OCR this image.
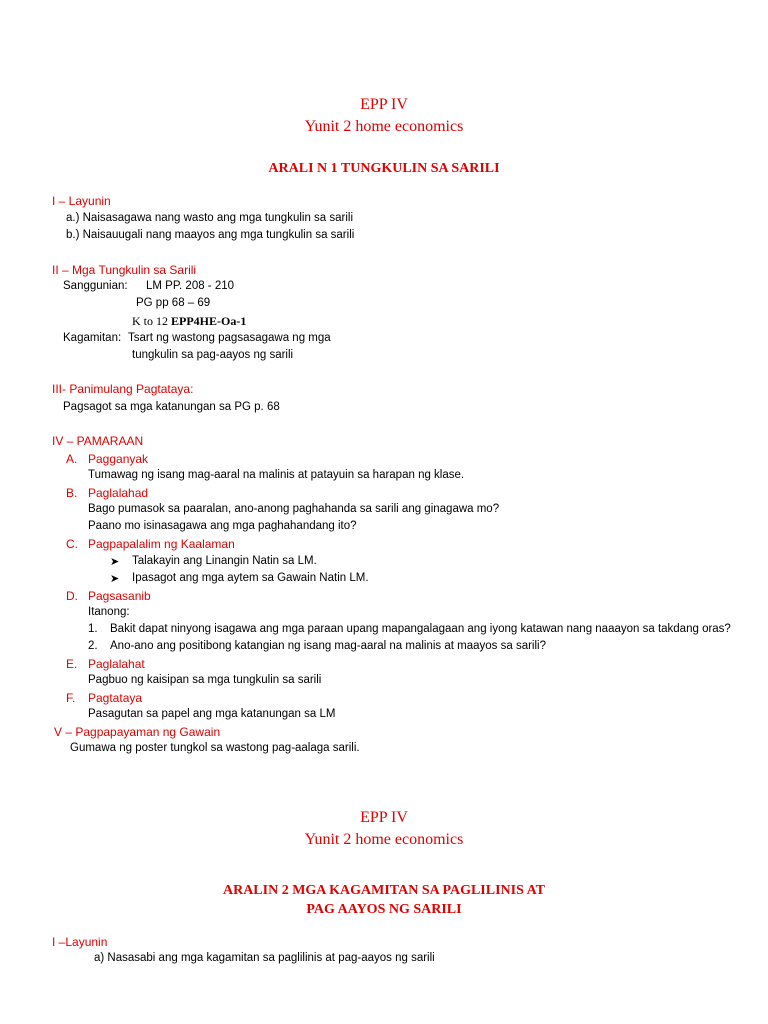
EPP IV
Yunit 2 home economics
ARALI N 1 TUNGKULIN SA SARILI
I – Layunin
a.) Naisasagawa nang wasto ang mga tungkulin sa sarili
b.) Naisauugali nang maayos ang mga tungkulin sa sarili
II – Mga Tungkulin sa Sarili
Sanggunian: LM PP. 208 - 210
PG pp 68 – 69
K to 12 EPP4HE-Oa-1
Kagamitan: Tsart ng wastong pagsasagawa ng mga
tungkulin sa pag-aayos ng sarili
III- Panimulang Pagtataya:
Pagsagot sa mga katanungan sa PG p. 68
IV – PAMARAAN
A. Pagganyak
Tumawag ng isang mag-aaral na malinis at patayuin sa harapan ng klase.
B. Paglalahad
Bago pumasok sa paaralan, ano-anong paghahanda sa sarili ang ginagawa mo?
Paano mo isinasagawa ang mga paghahandang ito?
C. Pagpapalalim ng Kaalaman
➤ Talakayin ang Linangin Natin sa LM.
➤ Ipasagot ang mga aytem sa Gawain Natin LM.
D. Pagsasanib
Itanong:
1. Bakit dapat ninyong isagawa ang mga paraan upang mapangalagaan ang iyong katawan nang naaayon sa takdang oras?
2. Ano-ano ang positibong katangian ng isang mag-aaral na malinis at maayos sa sarili?
E. Paglalahat
Pagbuo ng kaisipan sa mga tungkulin sa sarili
F. Pagtataya
Pasagutan sa papel ang mga katanungan sa LM
V – Pagpapayaman ng Gawain
Gumawa ng poster tungkol sa wastong pag-aalaga sarili.
EPP IV
Yunit 2 home economics
ARALIN 2 MGA KAGAMITAN SA PAGLILINIS AT
PAG AAYOS NG SARILI
I –Layunin
a) Nasasabi ang mga kagamitan sa paglilinis at pag-aayos ng sarili
